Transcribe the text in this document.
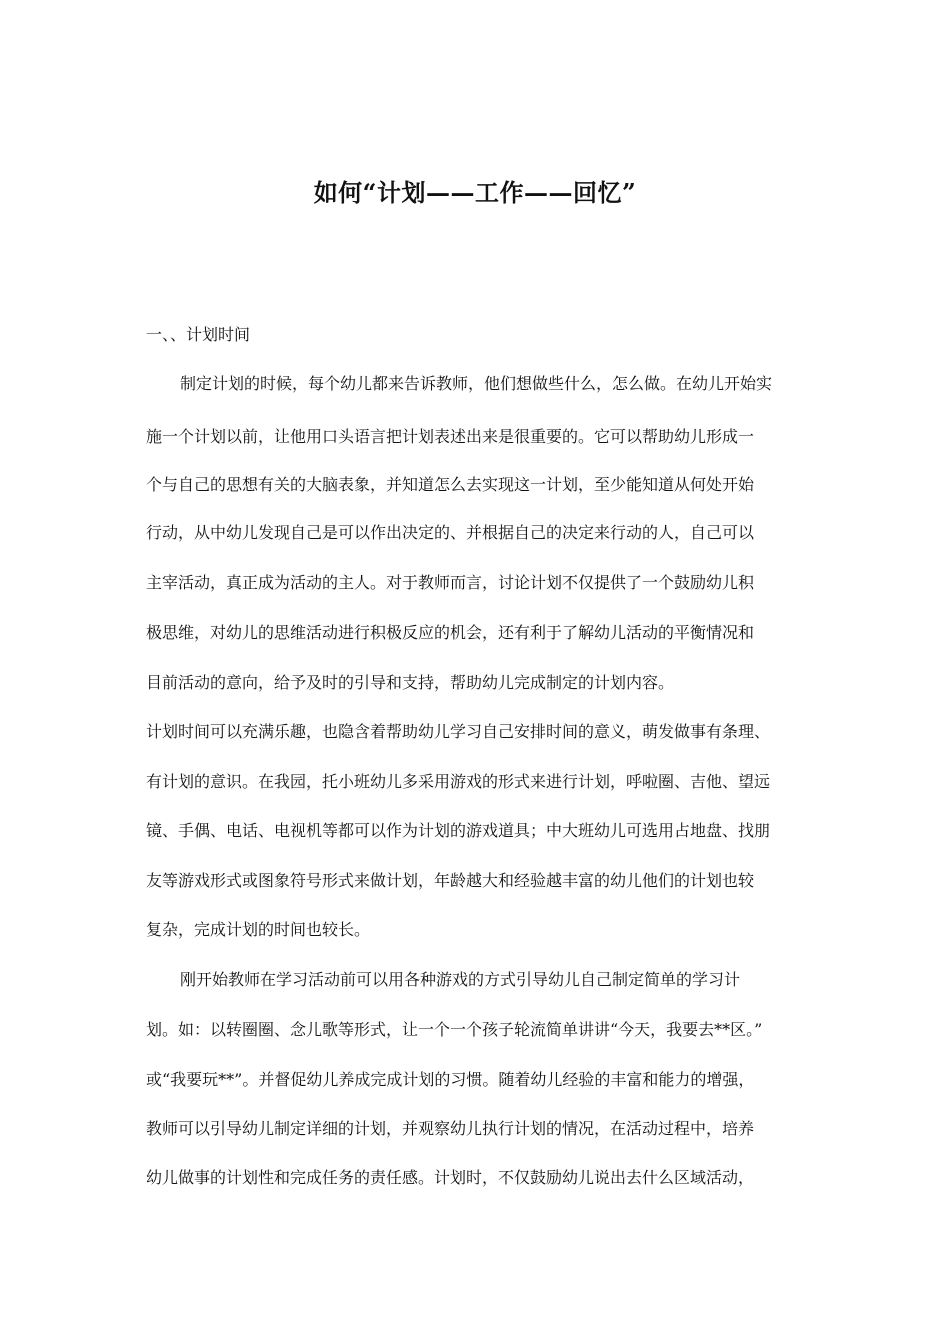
如何“计划——工作——回忆”
一、、计划时间
制定计划的时候，每个幼儿都来告诉教师，他们想做些什么，怎么做。在幼儿开始实
施一个计划以前，让他用口头语言把计划表述出来是很重要的。它可以帮助幼儿形成一
个与自己的思想有关的大脑表象，并知道怎么去实现这一计划，至少能知道从何处开始
行动，从中幼儿发现自己是可以作出决定的、并根据自己的决定来行动的人，自己可以
主宰活动，真正成为活动的主人。对于教师而言，讨论计划不仅提供了一个鼓励幼儿积
极思维，对幼儿的思维活动进行积极反应的机会，还有利于了解幼儿活动的平衡情况和
目前活动的意向，给予及时的引导和支持，帮助幼儿完成制定的计划内容。
计划时间可以充满乐趣，也隐含着帮助幼儿学习自己安排时间的意义，萌发做事有条理、
有计划的意识。在我园，托小班幼儿多采用游戏的形式来进行计划，呼啦圈、吉他、望远
镜、手偶、电话、电视机等都可以作为计划的游戏道具；中大班幼儿可选用占地盘、找朋
友等游戏形式或图象符号形式来做计划，年龄越大和经验越丰富的幼儿他们的计划也较
复杂，完成计划的时间也较长。
刚开始教师在学习活动前可以用各种游戏的方式引导幼儿自己制定简单的学习计
划。如：以转圈圈、念儿歌等形式，让一个一个孩子轮流简单讲讲“今天，我要去**区。”
或“我要玩**”。并督促幼儿养成完成计划的习惯。随着幼儿经验的丰富和能力的增强，
教师可以引导幼儿制定详细的计划，并观察幼儿执行计划的情况，在活动过程中，培养
幼儿做事的计划性和完成任务的责任感。计划时，不仅鼓励幼儿说出去什么区域活动，
